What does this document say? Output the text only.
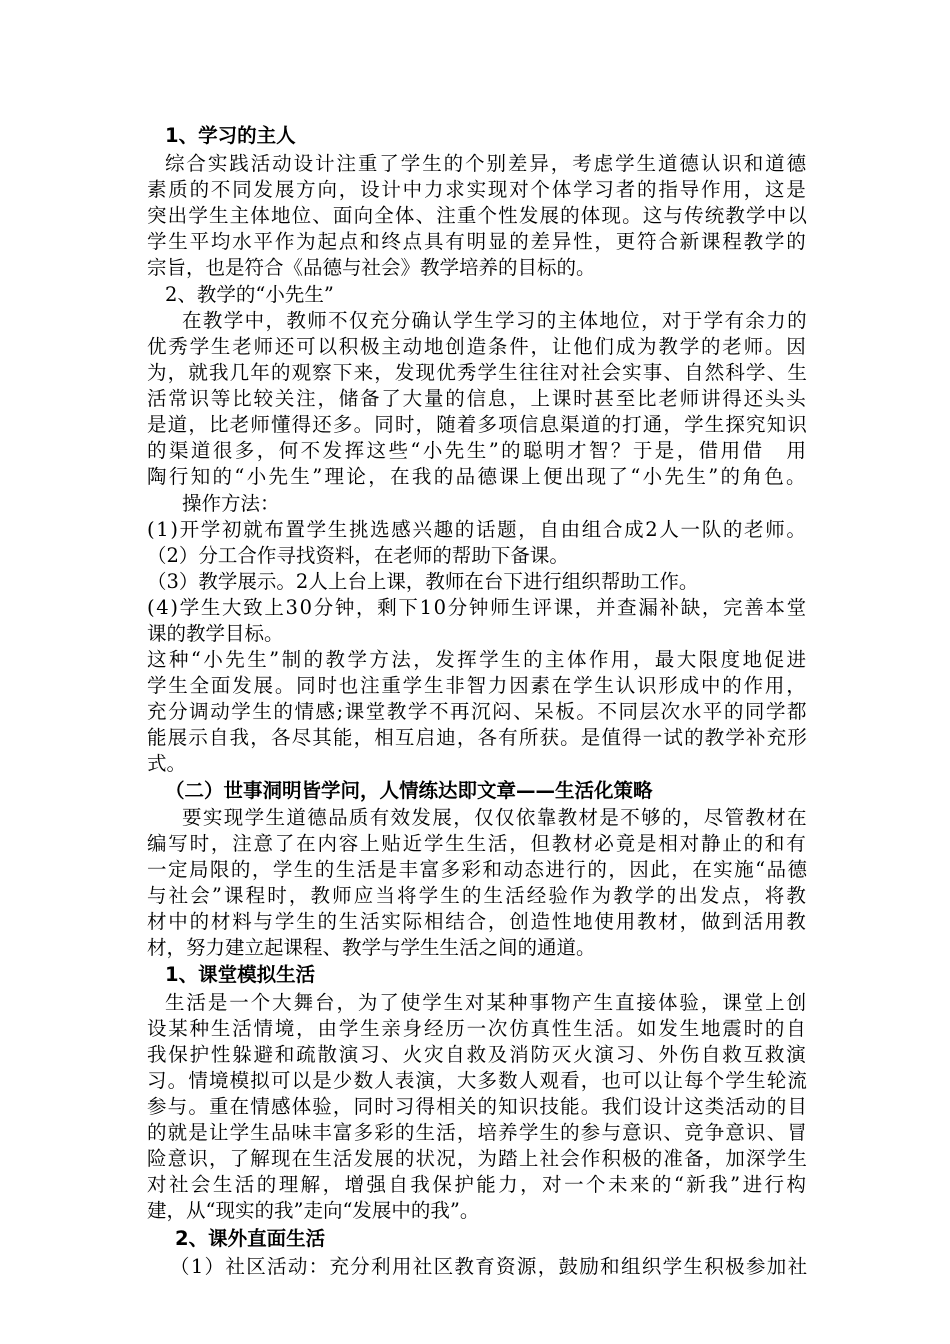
1、学习的主人
综合实践活动设计注重了学生的个别差异，考虑学生道德认识和道德
素质的不同发展方向，设计中力求实现对个体学习者的指导作用，这是
突出学生主体地位、面向全体、注重个性发展的体现。这与传统教学中以
学生平均水平作为起点和终点具有明显的差异性，更符合新课程教学的
宗旨，也是符合《品德与社会》教学培养的目标的。
2、教学的“小先生”
在教学中，教师不仅充分确认学生学习的主体地位，对于学有余力的
优秀学生老师还可以积极主动地创造条件，让他们成为教学的老师。因
为，就我几年的观察下来，发现优秀学生往往对社会实事、自然科学、生
活常识等比较关注，储备了大量的信息，上课时甚至比老师讲得还头头
是道，比老师懂得还多。同时，随着多项信息渠道的打通，学生探究知识
的渠道很多，何不发挥这些“小先生”的聪明才智？于是，借用借　用
陶行知的“小先生”理论，在我的品德课上便出现了“小先生”的角色。
操作方法：
(1)开学初就布置学生挑选感兴趣的话题，自由组合成2人一队的老师。
（2）分工合作寻找资料，在老师的帮助下备课。
（3）教学展示。2人上台上课，教师在台下进行组织帮助工作。
(4)学生大致上30分钟，剩下10分钟师生评课，并查漏补缺，完善本堂
课的教学目标。
这种“小先生”制的教学方法，发挥学生的主体作用，最大限度地促进
学生全面发展。同时也注重学生非智力因素在学生认识形成中的作用，
充分调动学生的情感;课堂教学不再沉闷、呆板。不同层次水平的同学都
能展示自我，各尽其能，相互启迪，各有所获。是值得一试的教学补充形
式。
（二）世事洞明皆学问，人情练达即文章——生活化策略
要实现学生道德品质有效发展，仅仅依靠教材是不够的，尽管教材在
编写时，注意了在内容上贴近学生生活，但教材必竟是相对静止的和有
一定局限的，学生的生活是丰富多彩和动态进行的，因此，在实施“品德
与社会”课程时，教师应当将学生的生活经验作为教学的出发点，将教
材中的材料与学生的生活实际相结合，创造性地使用教材，做到活用教
材，努力建立起课程、教学与学生生活之间的通道。
1、课堂模拟生活
生活是一个大舞台，为了使学生对某种事物产生直接体验，课堂上创
设某种生活情境，由学生亲身经历一次仿真性生活。如发生地震时的自
我保护性躲避和疏散演习、火灾自救及消防灭火演习、外伤自救互救演
习。情境模拟可以是少数人表演，大多数人观看，也可以让每个学生轮流
参与。重在情感体验，同时习得相关的知识技能。我们设计这类活动的目
的就是让学生品味丰富多彩的生活，培养学生的参与意识、竞争意识、冒
险意识，了解现在生活发展的状况，为踏上社会作积极的准备，加深学生
对社会生活的理解，增强自我保护能力，对一个未来的“新我”进行构
建，从“现实的我”走向“发展中的我”。
2、课外直面生活
（1）社区活动：充分利用社区教育资源，鼓励和组织学生积极参加社
